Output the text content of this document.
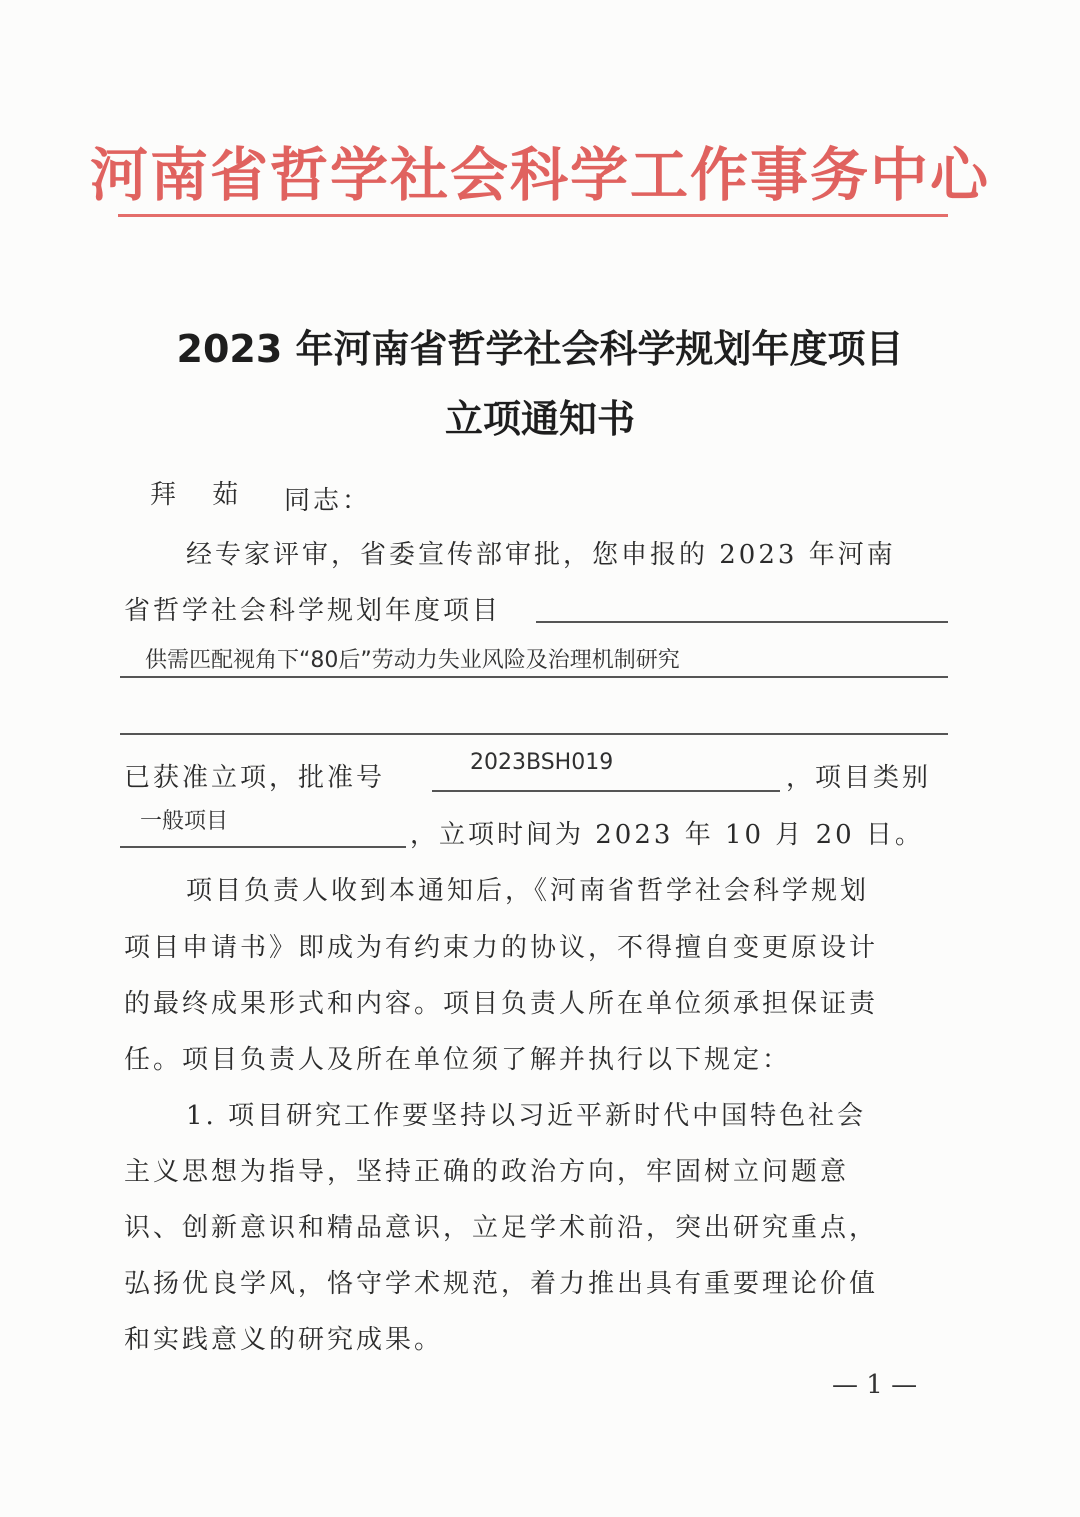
河南省哲学社会科学工作事务中心
2023 年河南省哲学社会科学规划年度项目
立项通知书
拜 茹 同志：
经专家评审，省委宣传部审批，您申报的 2023 年河南
省哲学社会科学规划年度项目
供需匹配视角下“80后”劳动力失业风险及治理机制研究
已获准立项，批准号
2023BSH019
，项目类别
一般项目	，立项时间为 2023 年 10 月 20 日。
项目负责人收到本通知后，《河南省哲学社会科学规划
项目申请书》即成为有约束力的协议，不得擅自变更原设计
的最终成果形式和内容。项目负责人所在单位须承担保证责
任。项目负责人及所在单位须了解并执行以下规定：
1. 项目研究工作要坚持以习近平新时代中国特色社会
主义思想为指导，坚持正确的政治方向，牢固树立问题意
识、创新意识和精品意识，立足学术前沿，突出研究重点，
弘扬优良学风，恪守学术规范，着力推出具有重要理论价值
和实践意义的研究成果。
— 1 —
